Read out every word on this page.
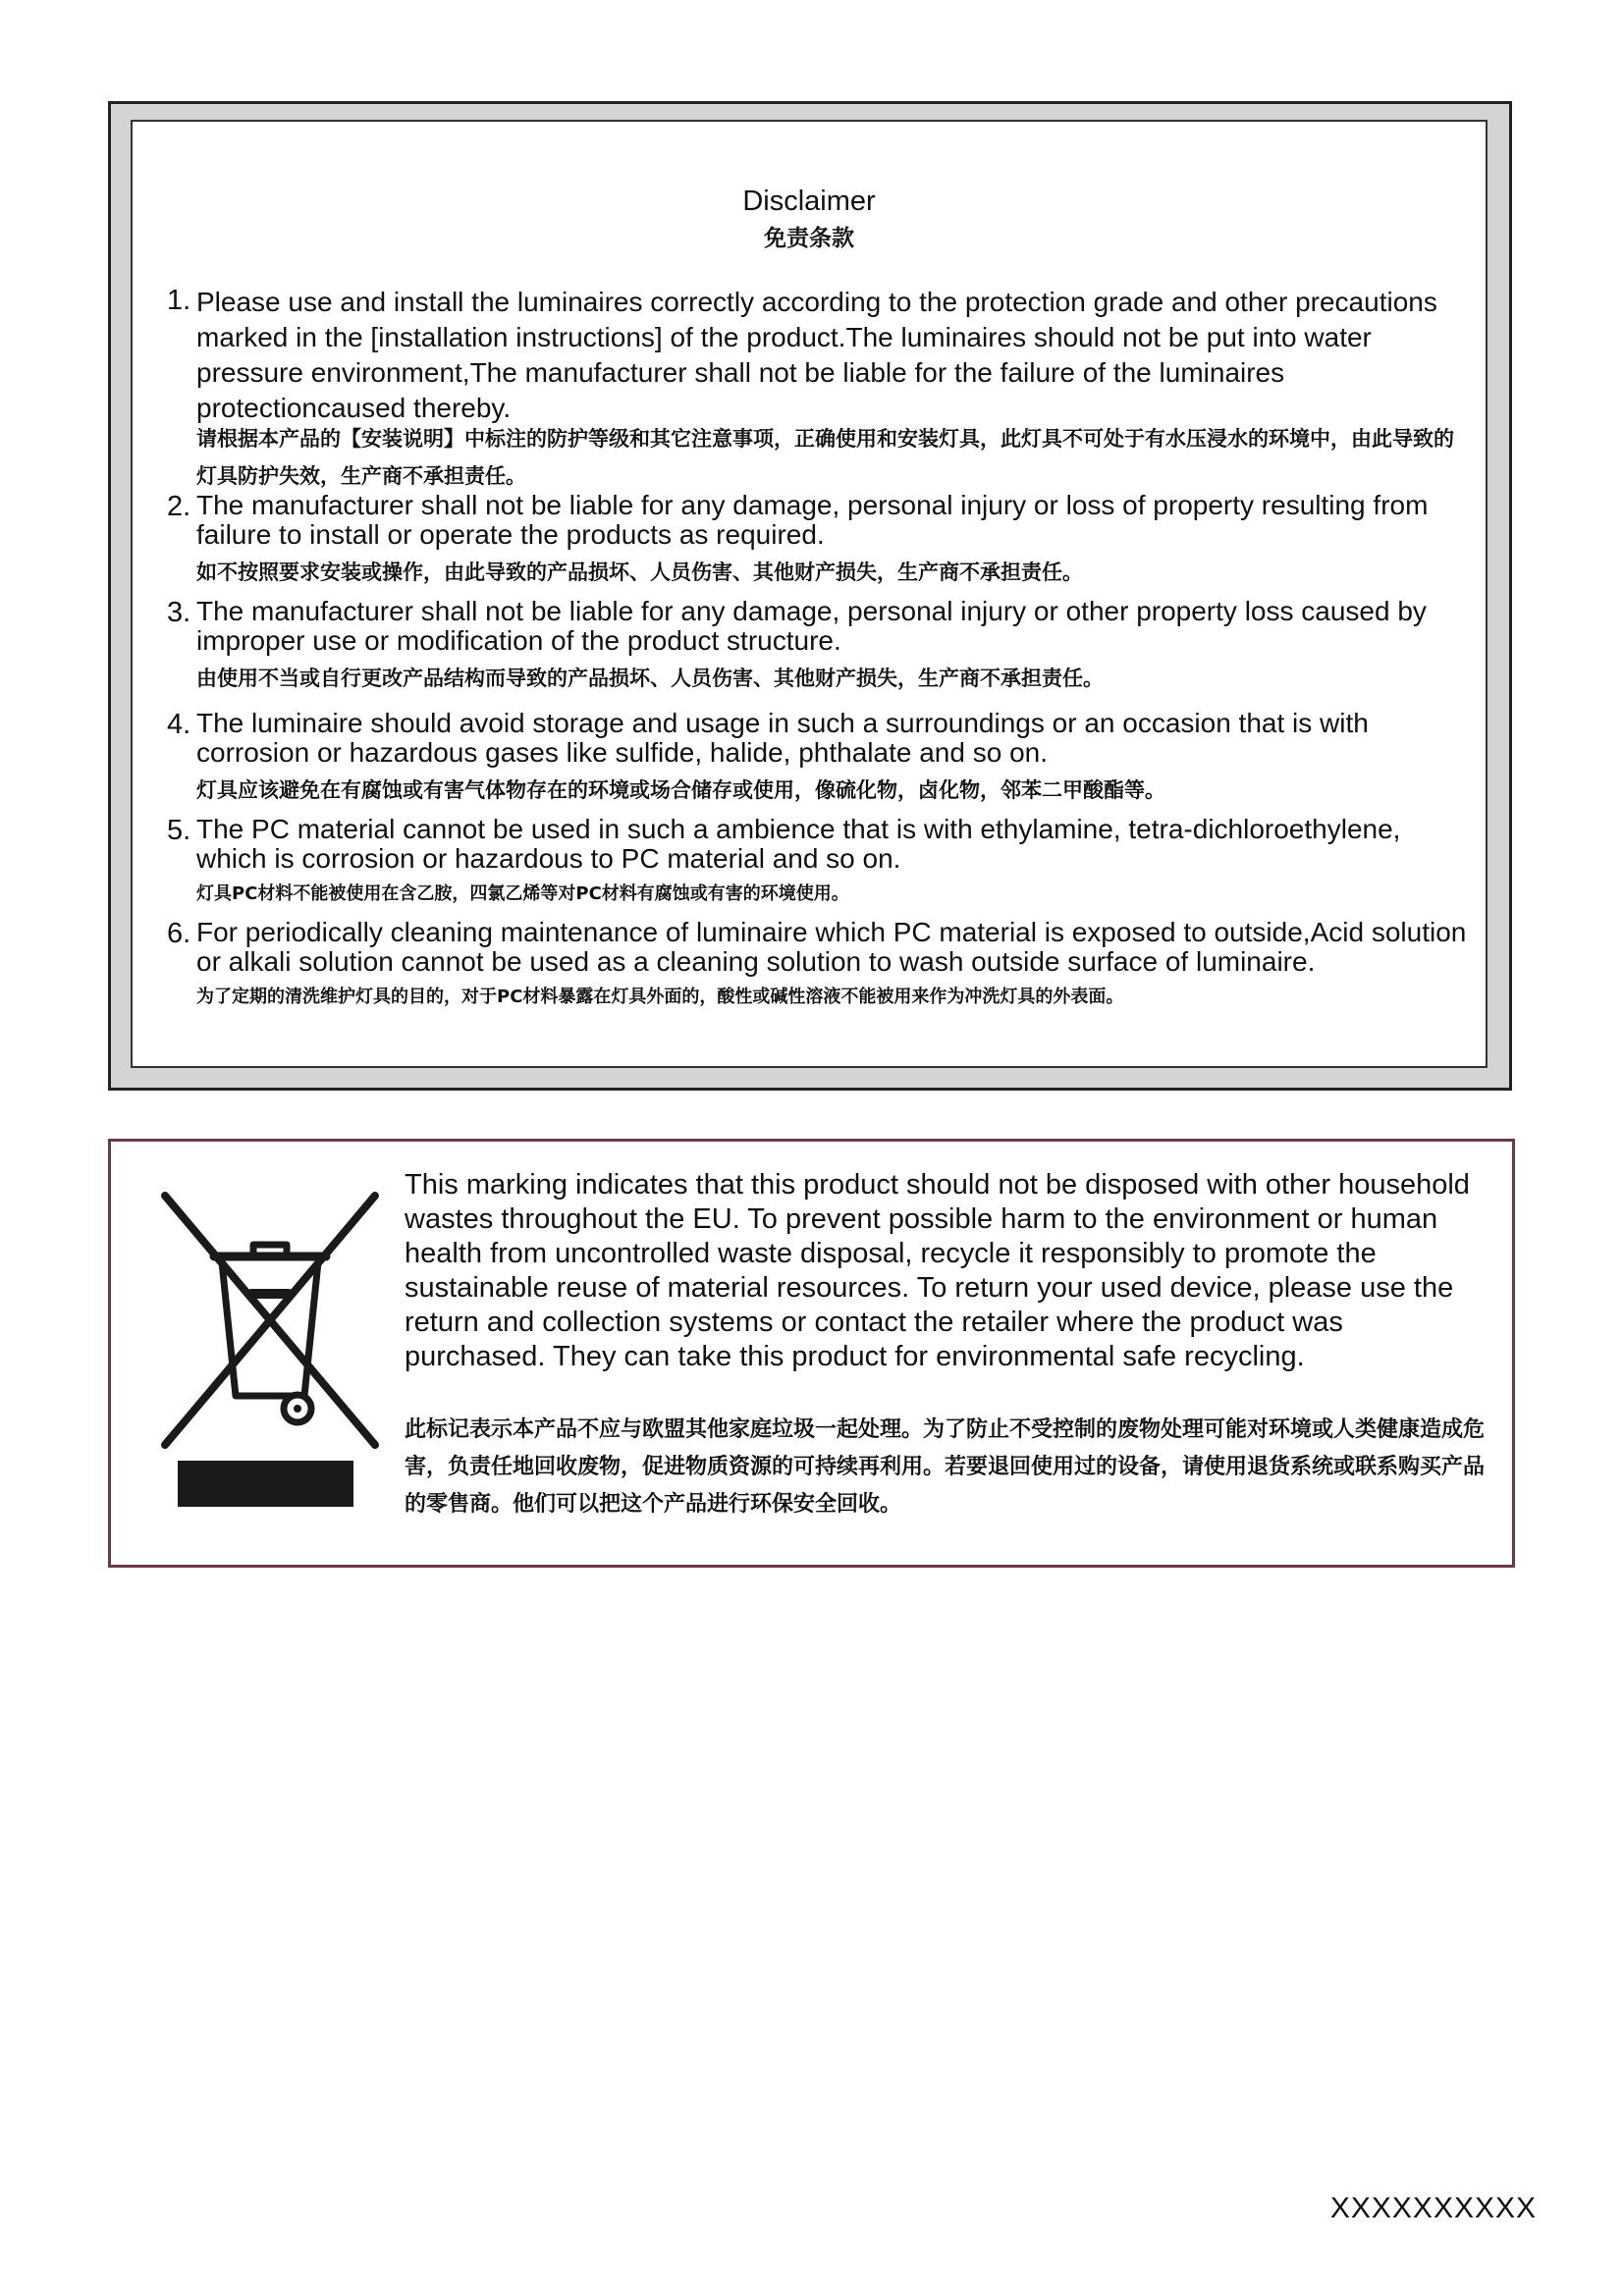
Disclaimer
免责条款
1. Please use and install the luminaires correctly according to the protection grade and other precautions marked in the [installation instructions] of the product.The luminaires should not be put into water pressure environment,The manufacturer shall not be liable for the failure of the luminaires protectioncaused thereby.

请根据本产品的【安装说明】中标注的防护等级和其它注意事项，正确使用和安装灯具，此灯具不可处于有水压浸水的环境中，由此导致的灯具防护失效，生产商不承担责任。

2. The manufacturer shall not be liable for any damage, personal injury or loss of property resulting from failure to install or operate the products as required.

如不按照要求安装或操作，由此导致的产品损坏、人员伤害、其他财产损失，生产商不承担责任。

3. The manufacturer shall not be liable for any damage, personal injury or other property loss caused by improper use or modification of the product structure.

由使用不当或自行更改产品结构而导致的产品损坏、人员伤害、其他财产损失，生产商不承担责任。

4. The luminaire should avoid storage and usage in such a surroundings or an occasion that is with corrosion or hazardous gases like sulfide, halide, phthalate and so on.

灯具应该避免在有腐蚀或有害气体物存在的环境或场合储存或使用，像硫化物，卤化物，邻苯二甲酸酯等。

5. The PC material cannot be used in such a ambience that is with ethylamine, tetra-dichloroethylene, which is corrosion or hazardous to PC material and so on.

灯具PC材料不能被使用在含乙胺，四氯乙烯等对PC材料有腐蚀或有害的环境使用。

6. For periodically cleaning maintenance of luminaire which PC material is exposed to outside,Acid solution or alkali solution cannot be used as a cleaning solution to wash outside surface of luminaire.

为了定期的清洗维护灯具的目的，对于PC材料暴露在灯具外面的，酸性或碱性溶液不能被用来作为冲洗灯具的外表面。

This marking indicates that this product should not be disposed with other household wastes throughout the EU. To prevent possible harm to the environment or human health from uncontrolled waste disposal, recycle it responsibly to promote the sustainable reuse of material resources. To return your used device, please use the return and collection systems or contact the retailer where the product was purchased. They can take this product for environmental safe recycling.

此标记表示本产品不应与欧盟其他家庭垃圾一起处理。为了防止不受控制的废物处理可能对环境或人类健康造成危害，负责任地回收废物，促进物质资源的可持续再利用。若要退回使用过的设备，请使用退货系统或联系购买产品的零售商。他们可以把这个产品进行环保安全回收。

XXXXXXXXXX
